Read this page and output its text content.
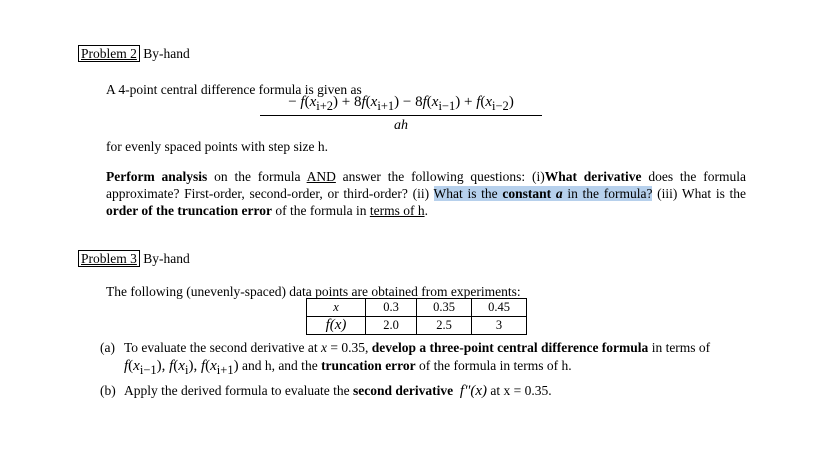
Problem 2 By-hand
A 4-point central difference formula is given as
$\frac{- f(x_{i+2}) + 8f(x_{i+1}) - 8f(x_{i-1}) + f(x_{i-2})}{ah}$
for evenly spaced points with step size h.
Perform analysis on the formula AND answer the following questions: (i)What derivative does the formula approximate? First-order, second-order, or third-order? (ii) What is the constant a in the formula? (iii) What is the order of the truncation error of the formula in terms of h.
Problem 3 By-hand
The following (unevenly-spaced) data points are obtained from experiments:
x	0.3	0.35	0.45
f(x)	2.0	2.5	3
(a) To evaluate the second derivative at x = 0.35, develop a three-point central difference formula in terms of
$f(x_{i-1})$, $f(x_i)$, $f(x_{i+1})$ and h, and the truncation error of the formula in terms of h.
(b) Apply the derived formula to evaluate the second derivative f"(x) at x = 0.35.
